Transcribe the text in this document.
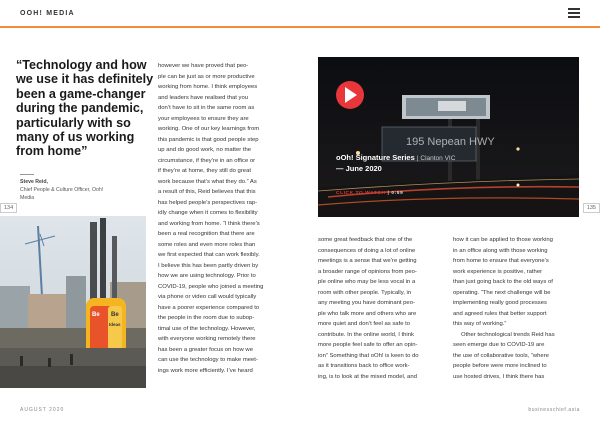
OOH! MEDIA
“Technology and how we use it has definitely been a game-changer during the pandemic, particularly with so many of us working from home”
Steve Reid,
Chief People & Culture Officer, Ooh! Media
134	135
Be Be
Ideas

however we have proved that peo-

ple can be just as or more productive

working from home. I think employees

and leaders have realised that you

don’t have to sit in the same room as

your employees to ensure they are

working. One of our key learnings from

this pandemic is that good people step

up and do good work, no matter the

circumstance, if they’re in an office or

if they’re at home, they still do great

work because that’s what they do.” As

a result of this, Reid believes that this

has helped people’s perspectives rap-

idly change when it comes to flexibility

and working from home. “I think there’s

been a real recognition that there are

some roles and even more roles than

we first expected that can work flexibly.

I believe this has been partly driven by

how we are using technology. Prior to

COVID-19, people who joined a meeting

via phone or video call would typically

have a poorer experience compared to

the people in the room due to subop-

timal use of the technology. However,

with everyone working remotely there

has been a greater focus on how we

can use the technology to make meet-

ings work more efficiently. I’ve heard

195 Nepean HWY
oOh! Signature Series | Clanton VIC
— June 2020
CLICK TO WATCH | 0:59

some great feedback that one of the

consequences of doing a lot of online

meetings is a sense that we’re getting

a broader range of opinions from peo-

ple online who may be less vocal in a

room with other people. Typically, in

any meeting you have dominant peo-

ple who talk more and others who are

more quiet and don’t feel as safe to

contribute. In the online world, I think

more people feel safe to offer an opin-

ion” Something that oOh! is keen to do

as it transitions back to office work-

ing, is to look at the mixed model, and

how it can be applied to those working

in an office along with those working

from home to ensure that everyone’s

work experience is positive, rather

than just going back to the old ways of

operating. “The next challenge will be

implementing really good processes

and agreed rules that better support

this way of working.”

Other technological trends Reid has

seen emerge due to COVID-19 are

the use of collaborative tools, “where

people before were more inclined to

use hosted drives, I think there has

AUGUST 2020	businesschief.asia
